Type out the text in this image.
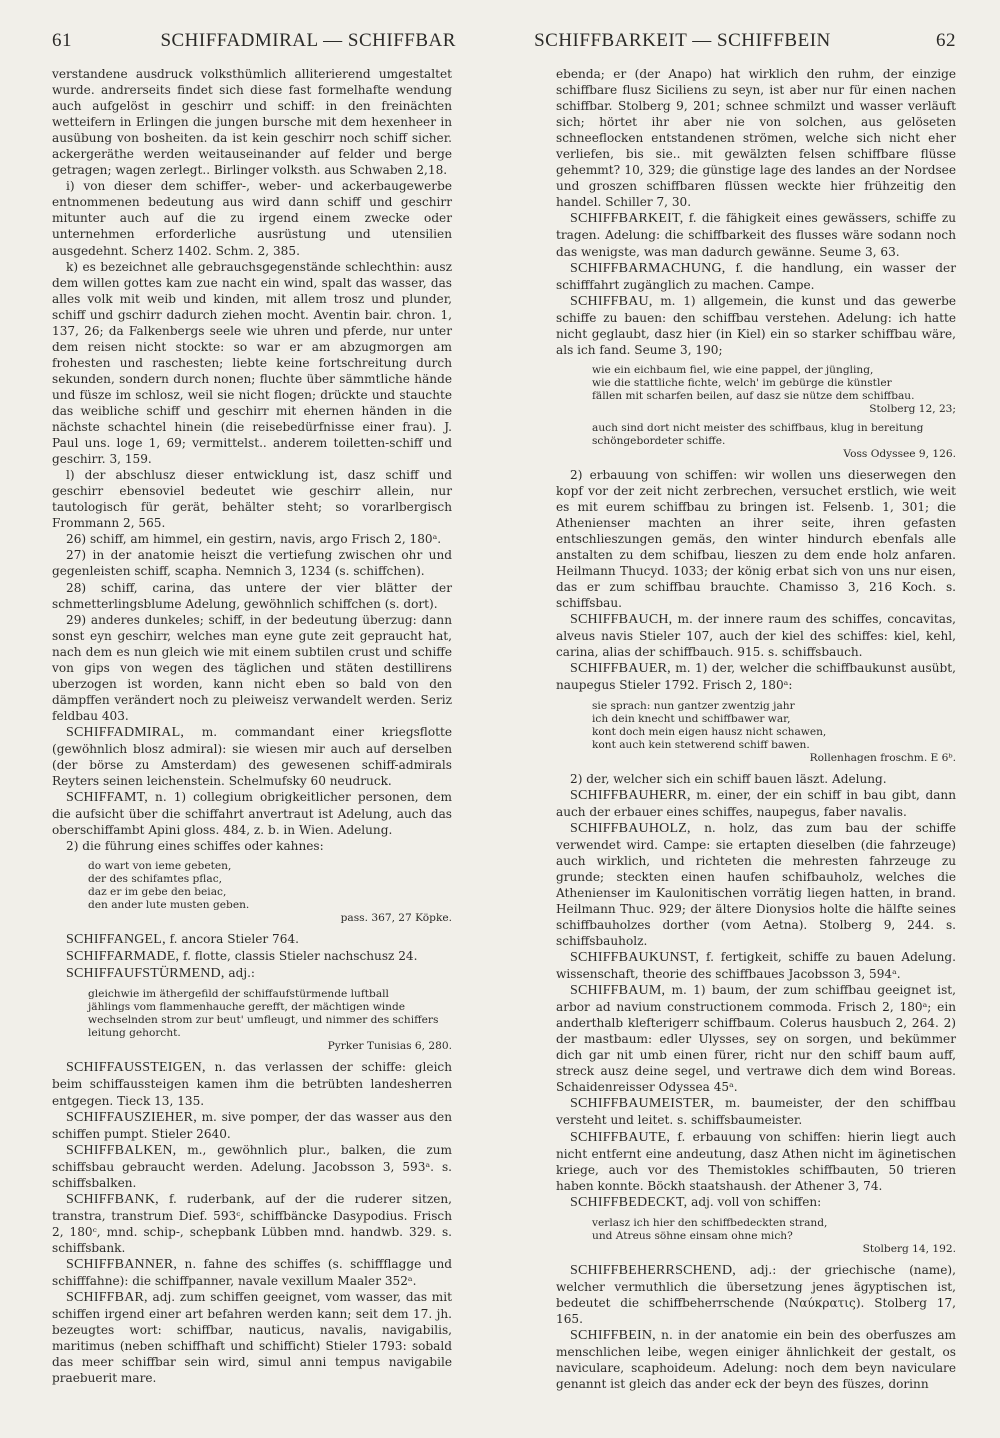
61	SCHIFFADMIRAL — SCHIFFBAR	SCHIFFBARKEIT — SCHIFFBEIN	62

verstandene ausdruck volksthümlich alliterierend umgestaltet wurde. andrerseits findet sich diese fast formelhafte wendung auch aufgelöst in geschirr und schiff: in den freinächten wetteifern in Erlingen die jungen bursche mit dem hexenheer in ausübung von bosheiten. da ist kein geschirr noch schiff sicher. ackergeräthe werden weitauseinander auf felder und berge getragen; wagen zerlegt.. Birlinger volksth. aus Schwaben 2,18.

i) von dieser dem schiffer-, weber- und ackerbaugewerbe entnommenen bedeutung aus wird dann schiff und geschirr mitunter auch auf die zu irgend einem zwecke oder unternehmen erforderliche ausrüstung und utensilien ausgedehnt. Scherz 1402. Schm. 2, 385.

k) es bezeichnet alle gebrauchsgegenstände schlechthin: ausz dem willen gottes kam zue nacht ein wind, spalt das wasser, das alles volk mit weib und kinden, mit allem trosz und plunder, schiff und gschirr dadurch ziehen mocht. Aventin bair. chron. 1, 137, 26; da Falkenbergs seele wie uhren und pferde, nur unter dem reisen nicht stockte: so war er am abzugmorgen am frohesten und raschesten; liebte keine fortschreitung durch sekunden, sondern durch nonen; fluchte über sämmtliche hände und füsze im schlosz, weil sie nicht flogen; drückte und stauchte das weibliche schiff und geschirr mit ehernen händen in die nächste schachtel hinein (die reisebedürfnisse einer frau). J. Paul uns. loge 1, 69; vermittelst.. anderem toiletten-schiff und geschirr. 3, 159.

l) der abschlusz dieser entwicklung ist, dasz schiff und geschirr ebensoviel bedeutet wie geschirr allein, nur tautologisch für gerät, behälter steht; so vorarlbergisch Frommann 2, 565.

26) schiff, am himmel, ein gestirn, navis, argo Frisch 2, 180ᵃ.

27) in der anatomie heiszt die vertiefung zwischen ohr und gegenleisten schiff, scapha. Nemnich 3, 1234 (s. schiffchen).

28) schiff, carina, das untere der vier blätter der schmetterlingsblume Adelung, gewöhnlich schiffchen (s. dort).

29) anderes dunkeles; schiff, in der bedeutung überzug: dann sonst eyn geschirr, welches man eyne gute zeit gepraucht hat, nach dem es nun gleich wie mit einem subtilen crust und schiffe von gips von wegen des täglichen und stäten destillirens uberzogen ist worden, kann nicht eben so bald von den dämpffen verändert noch zu pleiweisz verwandelt werden. Seriz feldbau 403.

SCHIFFADMIRAL, m. commandant einer kriegsflotte (gewöhnlich blosz admiral): sie wiesen mir auch auf derselben (der börse zu Amsterdam) des gewesenen schiff-admirals Reyters seinen leichenstein. Schelmufsky 60 neudruck.

SCHIFFAMT, n. 1) collegium obrigkeitlicher personen, dem die aufsicht über die schiffahrt anvertraut ist Adelung, auch das oberschiffambt Apini gloss. 484, z. b. in Wien. Adelung.

2) die führung eines schiffes oder kahnes:

do wart von ieme gebeten,
der des schifamtes pflac,
daz er im gebe den beiac,
den ander lute musten geben.
pass. 367, 27 Köpke.

SCHIFFANGEL, f. ancora Stieler 764.

SCHIFFARMADE, f. flotte, classis Stieler nachschusz 24.

SCHIFFAUFSTÜRMEND, adj.:

gleichwie im äthergefild der schiffaufstürmende luftball
jählings vom flammenhauche gerefft, der mächtigen winde
wechselnden strom zur beut' umfleugt, und nimmer des schiffers
leitung gehorcht.
Pyrker Tunisias 6, 280.

SCHIFFAUSSTEIGEN, n. das verlassen der schiffe: gleich beim schiffaussteigen kamen ihm die betrübten landesherren entgegen. Tieck 13, 135.

SCHIFFAUSZIEHER, m. sive pomper, der das wasser aus den schiffen pumpt. Stieler 2640.

SCHIFFBALKEN, m., gewöhnlich plur., balken, die zum schiffsbau gebraucht werden. Adelung. Jacobsson 3, 593ᵃ. s. schiffsbalken.

SCHIFFBANK, f. ruderbank, auf der die ruderer sitzen, transtra, transtrum Dief. 593ᶜ, schiffbäncke Dasypodius. Frisch 2, 180ᶜ, mnd. schip-, schepbank Lübben mnd. handwb. 329. s. schiffsbank.

SCHIFFBANNER, n. fahne des schiffes (s. schiffflagge und schifffahne): die schiffpanner, navale vexillum Maaler 352ᵃ.

SCHIFFBAR, adj. zum schiffen geeignet, vom wasser, das mit schiffen irgend einer art befahren werden kann; seit dem 17. jh. bezeugtes wort: schiffbar, nauticus, navalis, navigabilis, maritimus (neben schiffhaft und schifficht) Stieler 1793: sobald das meer schiffbar sein wird, simul anni tempus navigabile praebuerit mare.

ebenda; er (der Anapo) hat wirklich den ruhm, der einzige schiffbare flusz Siciliens zu seyn, ist aber nur für einen nachen schiffbar. Stolberg 9, 201; schnee schmilzt und wasser verläuft sich; hörtet ihr aber nie von solchen, aus gelöseten schneeflocken entstandenen strömen, welche sich nicht eher verliefen, bis sie.. mit gewälzten felsen schiffbare flüsse gehemmt? 10, 329; die günstige lage des landes an der Nordsee und groszen schiffbaren flüssen weckte hier frühzeitig den handel. Schiller 7, 30.

SCHIFFBARKEIT, f. die fähigkeit eines gewässers, schiffe zu tragen. Adelung: die schiffbarkeit des flusses wäre sodann noch das wenigste, was man dadurch gewänne. Seume 3, 63.

SCHIFFBARMACHUNG, f. die handlung, ein wasser der schifffahrt zugänglich zu machen. Campe.

SCHIFFBAU, m. 1) allgemein, die kunst und das gewerbe schiffe zu bauen: den schiffbau verstehen. Adelung: ich hatte nicht geglaubt, dasz hier (in Kiel) ein so starker schiffbau wäre, als ich fand. Seume 3, 190;

wie ein eichbaum fiel, wie eine pappel, der jüngling,
wie die stattliche fichte, welch' im gebürge die künstler
fällen mit scharfen beilen, auf dasz sie nütze dem schiffbau.
Stolberg 12, 23;
auch sind dort nicht meister des schiffbaus, klug in bereitung
schöngebordeter schiffe.
Voss Odyssee 9, 126.

2) erbauung von schiffen: wir wollen uns dieserwegen den kopf vor der zeit nicht zerbrechen, versuchet erstlich, wie weit es mit eurem schiffbau zu bringen ist. Felsenb. 1, 301; die Athenienser machten an ihrer seite, ihren gefasten entschlieszungen gemäs, den winter hindurch ebenfals alle anstalten zu dem schifbau, lieszen zu dem ende holz anfaren. Heilmann Thucyd. 1033; der könig erbat sich von uns nur eisen, das er zum schiffbau brauchte. Chamisso 3, 216 Koch. s. schiffsbau.

SCHIFFBAUCH, m. der innere raum des schiffes, concavitas, alveus navis Stieler 107, auch der kiel des schiffes: kiel, kehl, carina, alias der schiffbauch. 915. s. schiffsbauch.

SCHIFFBAUER, m. 1) der, welcher die schiffbaukunst ausübt, naupegus Stieler 1792. Frisch 2, 180ᵃ:

sie sprach: nun gantzer zwentzig jahr
ich dein knecht und schiffbawer war,
kont doch mein eigen hausz nicht schawen,
kont auch kein stetwerend schiff bawen.
Rollenhagen froschm. E 6ᵇ.

2) der, welcher sich ein schiff bauen läszt. Adelung.

SCHIFFBAUHERR, m. einer, der ein schiff in bau gibt, dann auch der erbauer eines schiffes, naupegus, faber navalis.

SCHIFFBAUHOLZ, n. holz, das zum bau der schiffe verwendet wird. Campe: sie ertapten dieselben (die fahrzeuge) auch wirklich, und richteten die mehresten fahrzeuge zu grunde; steckten einen haufen schifbauholz, welches die Athenienser im Kaulonitischen vorrätig liegen hatten, in brand. Heilmann Thuc. 929; der ältere Dionysios holte die hälfte seines schiffbauholzes dorther (vom Aetna). Stolberg 9, 244. s. schiffsbauholz.

SCHIFFBAUKUNST, f. fertigkeit, schiffe zu bauen Adelung. wissenschaft, theorie des schiffbaues Jacobsson 3, 594ᵃ.

SCHIFFBAUM, m. 1) baum, der zum schiffbau geeignet ist, arbor ad navium constructionem commoda. Frisch 2, 180ᵃ; ein anderthalb klefterigerr schiffbaum. Colerus hausbuch 2, 264. 2) der mastbaum: edler Ulysses, sey on sorgen, und bekümmer dich gar nit umb einen fürer, richt nur den schiff baum auff, streck ausz deine segel, und vertrawe dich dem wind Boreas. Schaidenreisser Odyssea 45ᵃ.

SCHIFFBAUMEISTER, m. baumeister, der den schiffbau versteht und leitet. s. schiffsbaumeister.

SCHIFFBAUTE, f. erbauung von schiffen: hierin liegt auch nicht entfernt eine andeutung, dasz Athen nicht im äginetischen kriege, auch vor des Themistokles schiffbauten, 50 trieren haben konnte. Böckh staatshaush. der Athener 3, 74.

SCHIFFBEDECKT, adj. voll von schiffen:

verlasz ich hier den schiffbedeckten strand,
und Atreus söhne einsam ohne mich?
Stolberg 14, 192.

SCHIFFBEHERRSCHEND, adj.: der griechische (name), welcher vermuthlich die übersetzung jenes ägyptischen ist, bedeutet die schiffbeherrschende (Ναύκρατις). Stolberg 17, 165.

SCHIFFBEIN, n. in der anatomie ein bein des oberfuszes am menschlichen leibe, wegen einiger ähnlichkeit der gestalt, os naviculare, scaphoideum. Adelung: noch dem beyn naviculare genannt ist gleich das ander eck der beyn des füszes, dorinn
